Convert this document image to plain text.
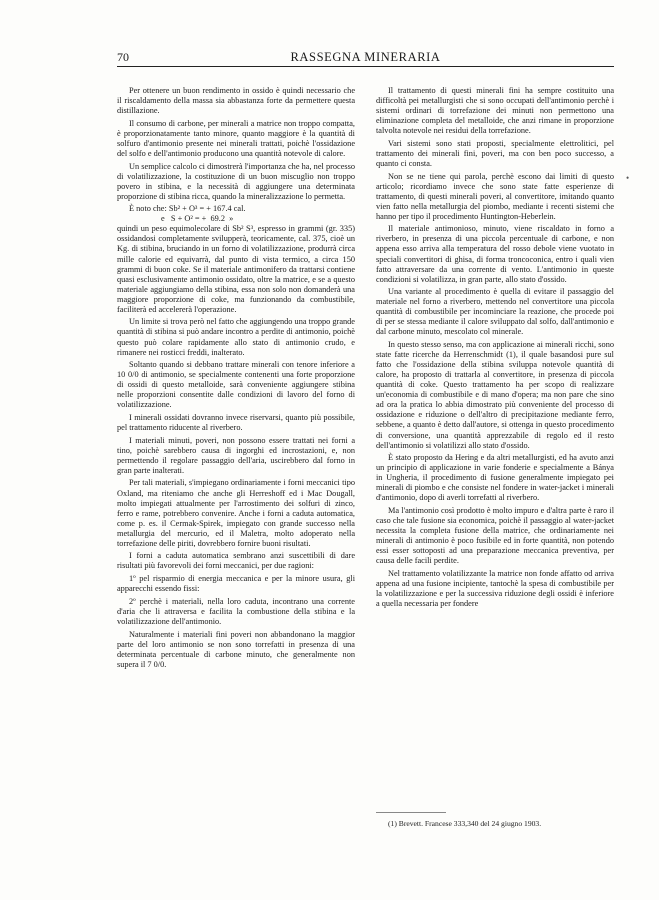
70	RASSEGNA MINERARIA

Per ottenere un buon rendimento in ossido è quindi necessario che il riscaldamento della massa sia abbastanza forte da permettere questa distillazione.

Il consumo di carbone, per minerali a matrice non troppo compatta, è proporzionatamente tanto minore, quanto maggiore è la quantità di solfuro d'antimonio presente nei minerali trattati, poichè l'ossidazione del solfo e dell'antimonio producono una quantità notevole di calore.

Un semplice calcolo ci dimostrerà l'importanza che ha, nel processo di volatilizzazione, la costituzione di un buon miscuglio non troppo povero in stibina, e la necessità di aggiungere una determinata proporzione di stibina ricca, quando la mineralizzazione lo permetta.

È noto che: Sb² + O³ = + 167.4 cal.
e   S + O² = +  69.2  »

quindi un peso equimolecolare di Sb² S³, espresso in grammi (gr. 335) ossidandosi completamente svilupperà, teoricamente, cal. 375, cioè un Kg. di stibina, bruciando in un forno di volatilizzazione, produrrà circa mille calorie ed equivarrà, dal punto di vista termico, a circa 150 grammi di buon coke. Se il materiale antimonifero da trattarsi contiene quasi esclusivamente antimonio ossidato, oltre la matrice, e se a questo materiale aggiungiamo della stibina, essa non solo non domanderà una maggiore proporzione di coke, ma funzionando da combustibile, faciliterà ed accelererà l'operazione.

Un limite si trova però nel fatto che aggiungendo una troppo grande quantità di stibina si può andare incontro a perdite di antimonio, poichè questo può colare rapidamente allo stato di antimonio crudo, e rimanere nei rosticci freddi, inalterato.

Soltanto quando si debbano trattare minerali con tenore inferiore a 10 0/0 di antimonio, se specialmente contenenti una forte proporzione di ossidi di questo metalloide, sarà conveniente aggiungere stibina nelle proporzioni consentite dalle condizioni di lavoro del forno di volatilizzazione.

I minerali ossidati dovranno invece riservarsi, quanto più possibile, pel trattamento riducente al riverbero.

I materiali minuti, poveri, non possono essere trattati nei forni a tino, poichè sarebbero causa di ingorghi ed incrostazioni, e, non permettendo il regolare passaggio dell'aria, uscirebbero dal forno in gran parte inalterati.

Per tali materiali, s'impiegano ordinariamente i forni meccanici tipo Oxland, ma riteniamo che anche gli Herreshoff ed i Mac Dougall, molto impiegati attualmente per l'arrostimento dei solfuri di zinco, ferro e rame, potrebbero convenire. Anche i forni a caduta automatica, come p. es. il Cermak-Spirek, impiegato con grande successo nella metallurgia del mercurio, ed il Maletra, molto adoperato nella torrefazione delle piriti, dovrebbero fornire buoni risultati.

I forni a caduta automatica sembrano anzi suscettibili di dare risultati più favorevoli dei forni meccanici, per due ragioni:

1º pel risparmio di energia meccanica e per la minore usura, gli apparecchi essendo fissi:

2º perchè i materiali, nella loro caduta, incontrano una corrente d'aria che li attraversa e facilita la combustione della stibina e la volatilizzazione dell'antimonio.

Naturalmente i materiali fini poveri non abbandonano la maggior parte del loro antimonio se non sono torrefatti in presenza di una determinata percentuale di carbone minuto, che generalmente non supera il 7 0/0.

Il trattamento di questi minerali fini ha sempre costituito una difficoltà pei metallurgisti che si sono occupati dell'antimonio perchè i sistemi ordinari di torrefazione dei minuti non permettono una eliminazione completa del metalloide, che anzi rimane in proporzione talvolta notevole nei residui della torrefazione.

Vari sistemi sono stati proposti, specialmente elettrolitici, pel trattamento dei minerali fini, poveri, ma con ben poco successo, a quanto ci consta.

Non se ne tiene qui parola, perchè escono dai limiti di questo articolo; ricordiamo invece che sono state fatte esperienze di trattamento, di questi minerali poveri, al convertitore, imitando quanto vien fatto nella metallurgia del piombo, mediante i recenti sistemi che hanno per tipo il procedimento Huntington-Heberlein.

Il materiale antimonioso, minuto, viene riscaldato in forno a riverbero, in presenza di una piccola percentuale di carbone, e non appena esso arriva alla temperatura del rosso debole viene vuotato in speciali convertitori di ghisa, di forma troncoconica, entro i quali vien fatto attraversare da una corrente di vento. L'antimonio in queste condizioni si volatilizza, in gran parte, allo stato d'ossido.

Una variante al procedimento è quella di evitare il passaggio del materiale nel forno a riverbero, mettendo nel convertitore una piccola quantità di combustibile per incominciare la reazione, che procede poi di per se stessa mediante il calore sviluppato dal solfo, dall'antimonio e dal carbone minuto, mescolato col minerale.

In questo stesso senso, ma con applicazione ai minerali ricchi, sono state fatte ricerche da Herrenschmidt (1), il quale basandosi pure sul fatto che l'ossidazione della stibina sviluppa notevole quantità di calore, ha proposto di trattarla al convertitore, in presenza di piccola quantità di coke. Questo trattamento ha per scopo di realizzare un'economia di combustibile e di mano d'opera; ma non pare che sino ad ora la pratica lo abbia dimostrato più conveniente del processo di ossidazione e riduzione o dell'altro di precipitazione mediante ferro, sebbene, a quanto è detto dall'autore, si ottenga in questo procedimento di conversione, una quantità apprezzabile di regolo ed il resto dell'antimonio si volatilizzi allo stato d'ossido.

È stato proposto da Hering e da altri metallurgisti, ed ha avuto anzi un principio di applicazione in varie fonderie e specialmente a Bánya in Ungheria, il procedimento di fusione generalmente impiegato pei minerali di piombo e che consiste nel fondere in water-jacket i minerali d'antimonio, dopo di averli torrefatti al riverbero.

Ma l'antimonio così prodotto è molto impuro e d'altra parte è raro il caso che tale fusione sia economica, poichè il passaggio al water-jacket necessita la completa fusione della matrice, che ordinariamente nei minerali di antimonio è poco fusibile ed in forte quantità, non potendo essi esser sottoposti ad una preparazione meccanica preventiva, per causa delle facili perdite.

Nel trattamento volatilizzante la matrice non fonde affatto od arriva appena ad una fusione incipiente, tantochè la spesa di combustibile per la volatilizzazione e per la successiva riduzione degli ossidi è inferiore a quella necessaria per fondere

(1) Brevett. Francese 333,340 del 24 giugno 1903.
•
